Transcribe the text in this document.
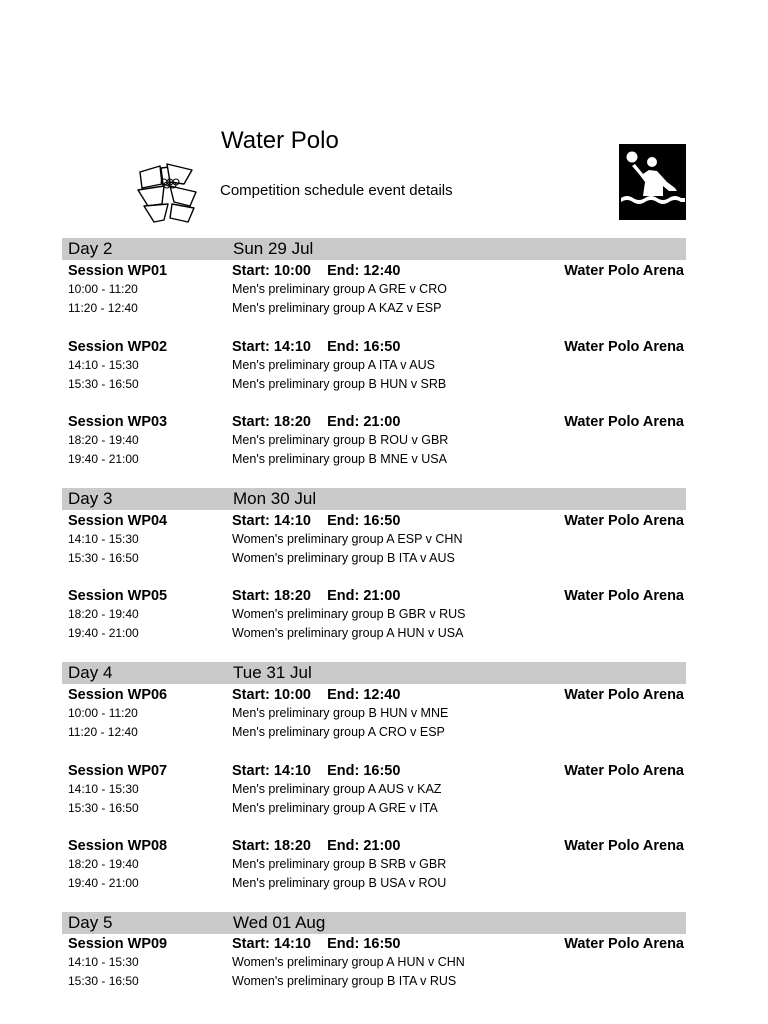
Water Polo
Competition schedule event details
Day 2	Sun 29 Jul
Session WP01	Start: 10:00    End: 12:40	Water Polo Arena
10:00 - 11:20	Men's preliminary group A GRE v CRO
11:20 - 12:40	Men's preliminary group A KAZ v ESP
Session WP02	Start: 14:10    End: 16:50	Water Polo Arena
14:10 - 15:30	Men's preliminary group A ITA v AUS
15:30 - 16:50	Men's preliminary group B HUN v SRB
Session WP03	Start: 18:20    End: 21:00	Water Polo Arena
18:20 - 19:40	Men's preliminary group B ROU v GBR
19:40 - 21:00	Men's preliminary group B MNE v USA
Day 3	Mon 30 Jul
Session WP04	Start: 14:10    End: 16:50	Water Polo Arena
14:10 - 15:30	Women's preliminary group A ESP v CHN
15:30 - 16:50	Women's preliminary group B ITA v AUS
Session WP05	Start: 18:20    End: 21:00	Water Polo Arena
18:20 - 19:40	Women's preliminary group B GBR v RUS
19:40 - 21:00	Women's preliminary group A HUN v USA
Day 4	Tue 31 Jul
Session WP06	Start: 10:00    End: 12:40	Water Polo Arena
10:00 - 11:20	Men's preliminary group B HUN v MNE
11:20 - 12:40	Men's preliminary group A CRO v ESP
Session WP07	Start: 14:10    End: 16:50	Water Polo Arena
14:10 - 15:30	Men's preliminary group A AUS v KAZ
15:30 - 16:50	Men's preliminary group A GRE v ITA
Session WP08	Start: 18:20    End: 21:00	Water Polo Arena
18:20 - 19:40	Men's preliminary group B SRB v GBR
19:40 - 21:00	Men's preliminary group B USA v ROU
Day 5	Wed 01 Aug
Session WP09	Start: 14:10    End: 16:50	Water Polo Arena
14:10 - 15:30	Women's preliminary group A HUN v CHN
15:30 - 16:50	Women's preliminary group B ITA v RUS
